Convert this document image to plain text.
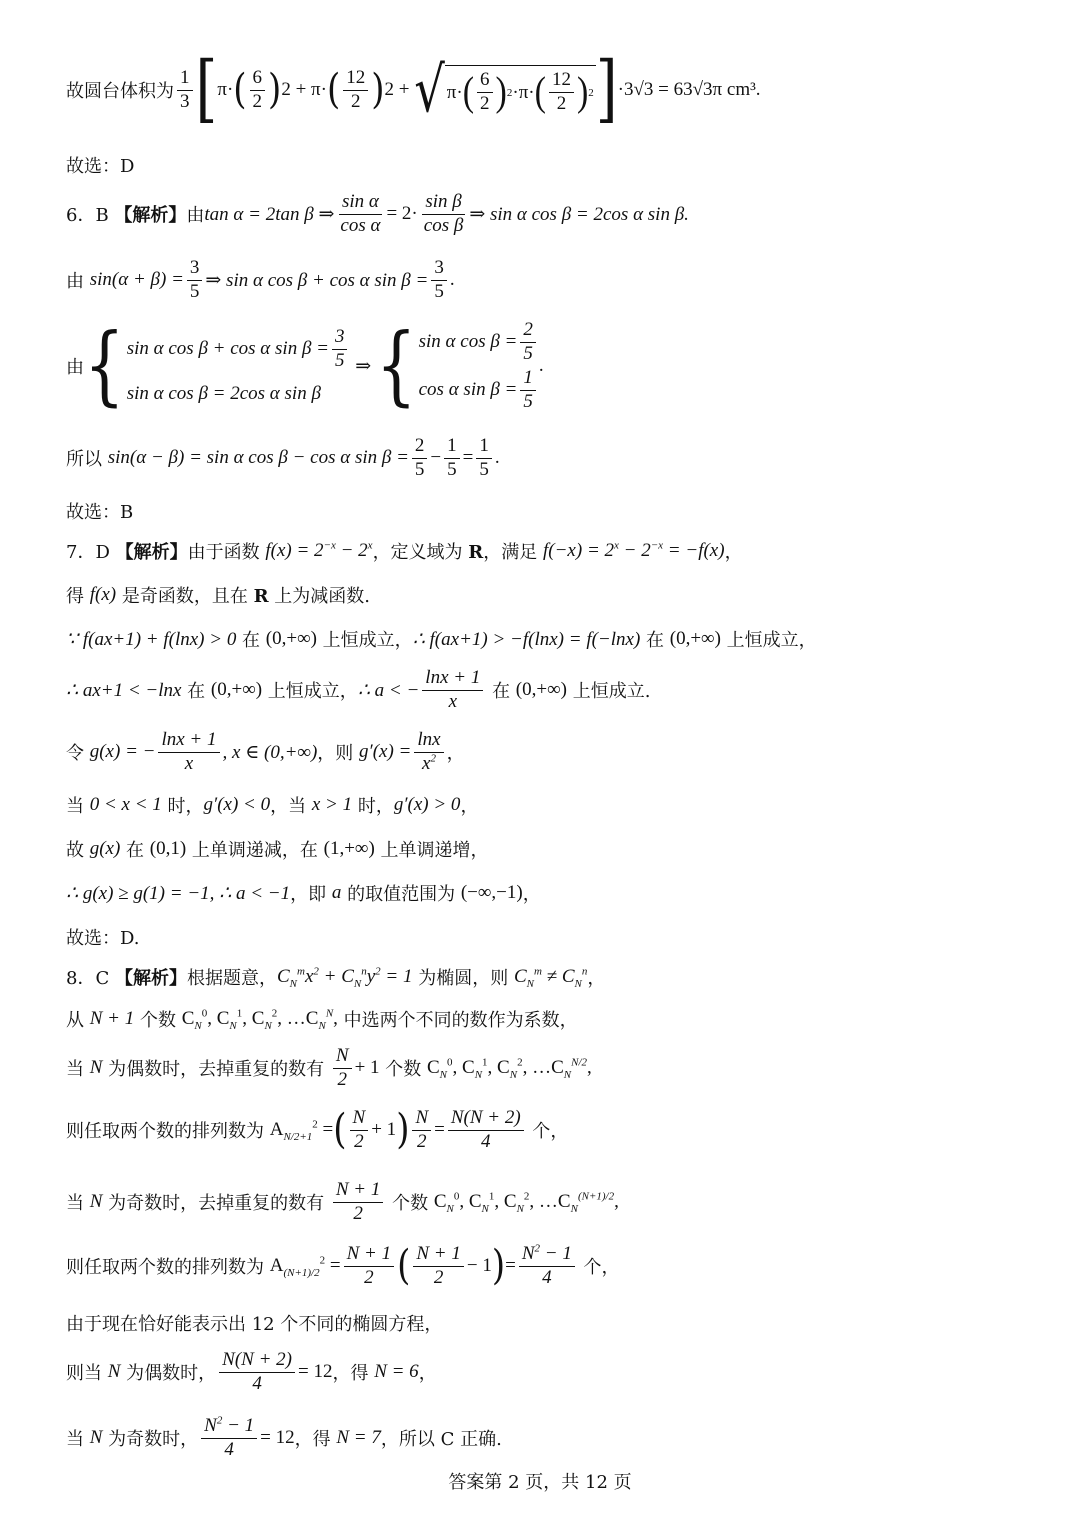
故圆台体积为 $\frac{1}{3}$ [ π· ( $\frac{6}{2}$ ) 2 + π· ( $\frac{12}{2}$ ) 2 + √ π· ( $\frac{6}{2}$ ) 2 ·π· ( $\frac{12}{2}$ ) 2 ] ·3√3 = 63√3π cm³.
故选：D
6．B 【解析】由 tan α = 2tan β ⇒ $\frac{\text{sin α}}{\text{cos α}} = 2\cdot \frac{\text{sin β}}{\text{cos β}}$ ⇒ sin α cos β = 2cos α sin β.
由 $\sin(\alpha + \beta) = \frac{3}{5}$ ⇒ sin α cos β + cos α $\sin \beta = \frac{3}{5}$ .
由 { sin α cos β + cos α $\sin \beta = \frac{3}{5}$
sin α cos β = 2cos α sin β
⇒ { sin α $\cos \beta = \frac{2}{5}$
cos α $\sin \beta = \frac{1}{5}$
.
所以 sin(α − β) = sin α cos β − cos α $\sin \beta = \frac{2}{5} - \frac{1}{5} = \frac{1}{5}$ .
故选：B
7．D 【解析】由于函数 $f(x) = 2^{-x} - 2^x$ ，定义域为 R，满足 $f(-x) = 2^x - 2^{-x} = -f(x)$ ，
得 f(x) 是奇函数，且在 R 上为减函数.
∵ f(ax+1) + f(lnx) > 0 在 (0,+∞) 上恒成立， ∴ f(ax+1) > −f(lnx) = f(−lnx) 在 (0,+∞) 上恒成立，
∴ ax+1 < −lnx 在 (0,+∞) 上恒成立， ∴ a < − $\frac{\ln x + 1}{x}$ 在 (0,+∞) 上恒成立.
令 g(x) = − $\frac{\ln x + 1}{x}$ , x ∈ (0,+∞) ，则 $g'(x) = \frac{\ln x}{x^2}$ ，
当 0 < x < 1 时， g′(x) < 0 ，当 x > 1 时， g′(x) > 0 ，
故 g(x) 在 (0,1) 上单调递减，在 (1,+∞) 上单调递增，
∴ g(x) ≥ g(1) = −1, ∴ a < −1 ，即 a 的取值范围为 (−∞,−1) ，
故选：D.
8．C 【解析】根据题意， $C_N^mx^2 + C_N^ny^2 = 1$ 为椭圆，则 $C_N^m \ne C_N^n$ ，
从 N + 1 个数 $C_N^0$, $C_N^1$, $C_N^2$, $\dots C_N^N$, 中选两个不同的数作为系数，
当 N 为偶数时，去掉重复的数有 $\frac{N}{2} + 1$ 个数 $C_N^0$, $C_N^1$, $C_N^2$, $\dots C_N^{N/2}$,
则任取两个数的排列数为 $A_{N/2+1}^2$ = ( $\frac{N}{2} + 1$ ) $\frac{N}{2} = \frac{N(N + 2)}{4}$ 个，
当 N 为奇数时，去掉重复的数有 $\frac{N + 1}{2}$ 个数 $C_N^0$, $C_N^1$, $C_N^2$, $\dots C_N^{(N+1)/2}$,
则任取两个数的排列数为 $A_{(N+1)/2}^2 = \frac{N + 1}{2}$ ( $\frac{N + 1}{2} - 1$ ) = $\frac{N^2 - 1}{4}$ 个，
由于现在恰好能表示出 12 个不同的椭圆方程，
则当 N 为偶数时， $\frac{N(N + 2)}{4} = 12$ ，得 N = 6 ，
当 N 为奇数时， $\frac{N^2 - 1}{4} = 12$ ，得 N = 7 ，所以 C 正确.
答案第 2 页，共 12 页
